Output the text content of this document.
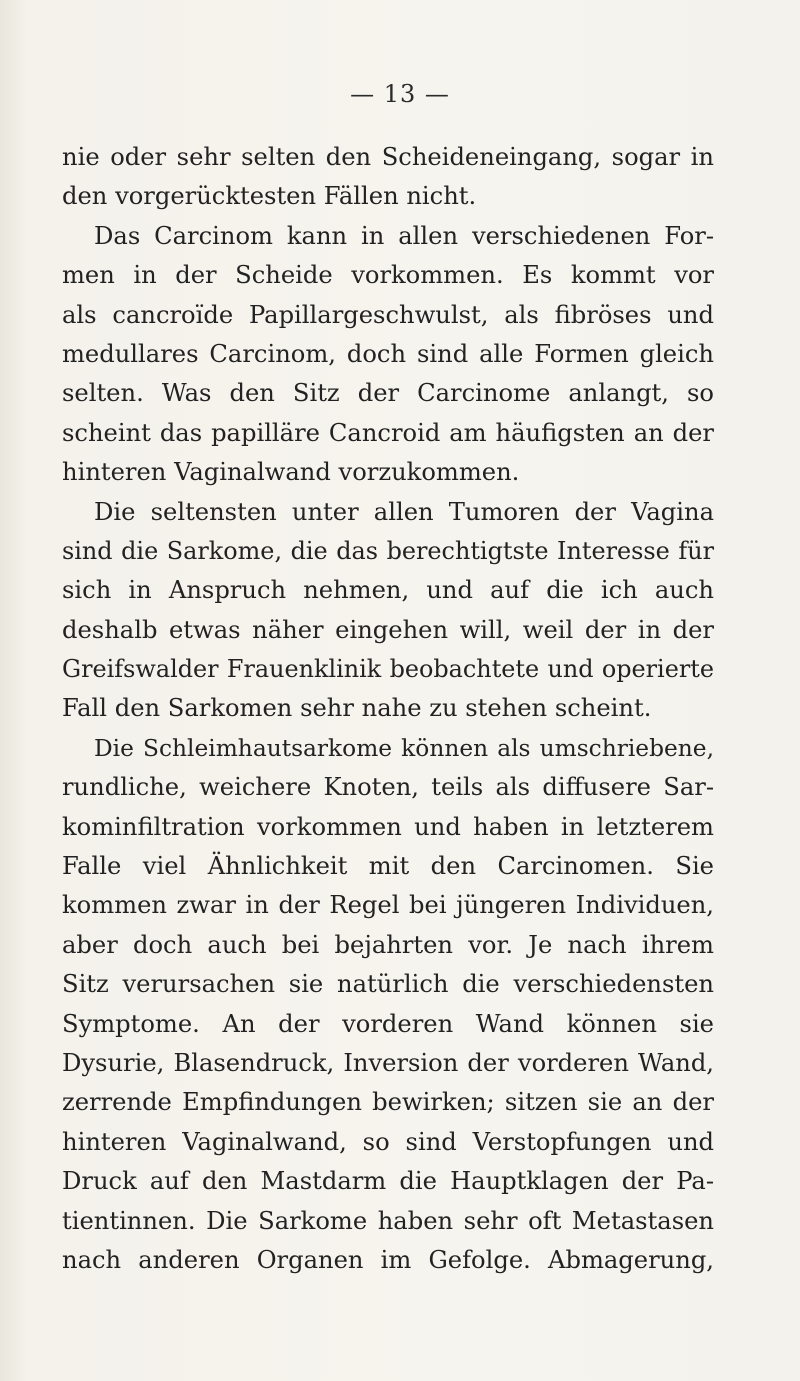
— 13 —
nie oder sehr selten den Scheideneingang, sogar in
den vorgerücktesten Fällen nicht.
Das Carcinom kann in allen verschiedenen For-
men in der Scheide vorkommen. Es kommt vor
als cancroïde Papillargeschwulst, als fibröses und
medullares Carcinom, doch sind alle Formen gleich
selten. Was den Sitz der Carcinome anlangt, so
scheint das papilläre Cancroid am häufigsten an der
hinteren Vaginalwand vorzukommen.
Die seltensten unter allen Tumoren der Vagina
sind die Sarkome, die das berechtigtste Interesse für
sich in Anspruch nehmen, und auf die ich auch
deshalb etwas näher eingehen will, weil der in der
Greifswalder Frauenklinik beobachtete und operierte
Fall den Sarkomen sehr nahe zu stehen scheint.
Die Schleimhautsarkome können als umschriebene,
rundliche, weichere Knoten, teils als diffusere Sar-
kominfiltration vorkommen und haben in letzterem
Falle viel Ähnlichkeit mit den Carcinomen. Sie
kommen zwar in der Regel bei jüngeren Individuen,
aber doch auch bei bejahrten vor. Je nach ihrem
Sitz verursachen sie natürlich die verschiedensten
Symptome. An der vorderen Wand können sie
Dysurie, Blasendruck, Inversion der vorderen Wand,
zerrende Empfindungen bewirken; sitzen sie an der
hinteren Vaginalwand, so sind Verstopfungen und
Druck auf den Mastdarm die Hauptklagen der Pa-
tientinnen. Die Sarkome haben sehr oft Metastasen
nach anderen Organen im Gefolge. Abmagerung,
